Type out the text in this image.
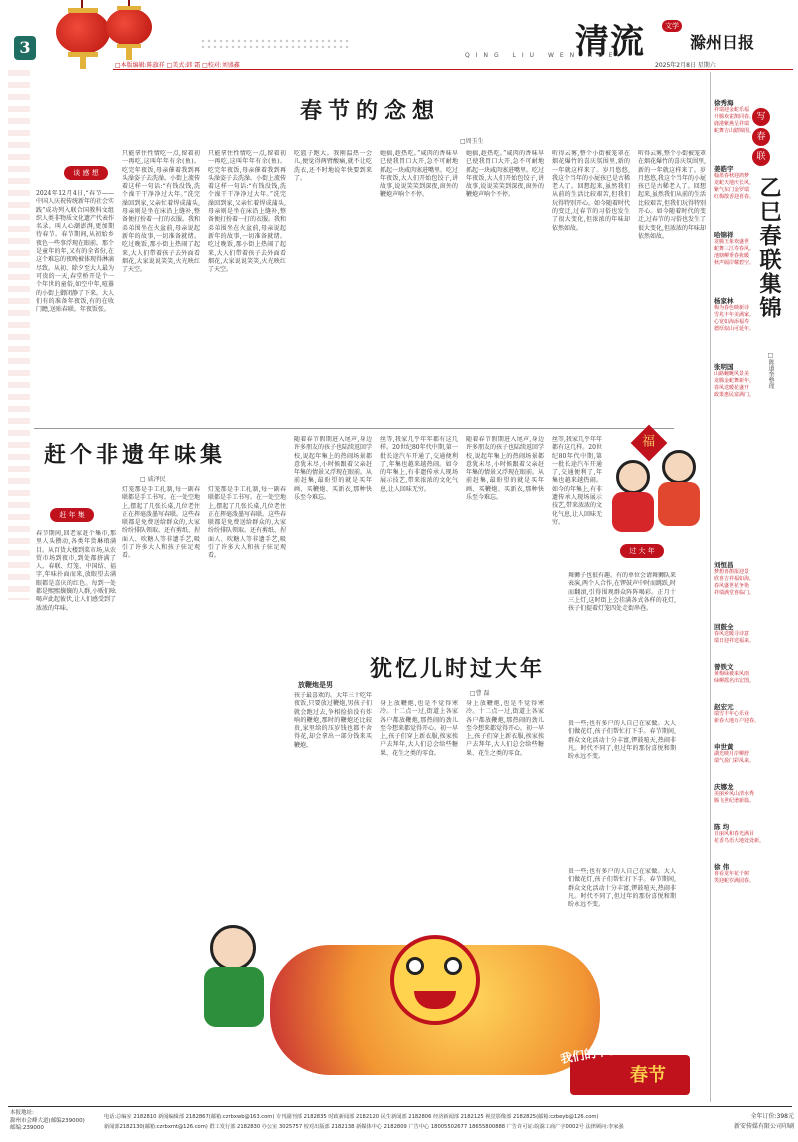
3
□本版编辑:陈旗祥 □美式:韩 霜 □校对:刘盛鑫
清流	文学
QING LIU WEN XUE
滁州日报
2025年2月8日 星期六
春节的念想
□周玉生
谈 感 想
2024年12月4日,“春节——中国人庆祝传统新年的社会实践”成功列入联合国教科文组织人类非物质文化遗产代表作名录。叫人心潮澎湃,更加期待春节。春节期间,从初始乡夜色一些事浮现在眼前。那个是童年的年,又有的全省份,在这个难忘的夜晚被体现得淋漓尽致。从初、除夕至大人最为可贵的一天,春堂桥开是个一个年世的童俗,如空中年,喧嚣的小街上御闭静了下来。大人们有的准备年夜饭,有的在收门瞻,送贴春联。年夜饭张。
只能拿住性情吃一点,留着初一再吃,这叫年年有余(鱼)。吃完年夜饭,母亲催着我到再头澡姿子去洗澡。小街上流传着这样一句话:“有钱没钱,洗个澡干干净净过大年。”洗完澡回到家,父亲忙着焊成蒲头,母亲则是坐在床沿上缝补,整备便打扮着一打的衣服。我和弟弟围坐在火盆前,母亲说起新年的故事,一切准备就绪。吃过晚饭,那小街上热闹了起来,大人们带着孩子去外面看烟花,大家说说笑笑,火光映红了天空。
只能拿住性情吃一点,留着初一再吃,这叫年年有余(鱼)。吃完年夜饭,母亲催着我到再头澡姿子去洗澡。小街上流传着这样一句话:“有钱没钱,洗个澡干干净净过大年。”洗完澡回到家,父亲忙着焊成蒲头,母亲则是坐在床沿上缝补,整备便打扮着一打的衣服。我和弟弟围坐在火盆前,母亲说起新年的故事,一切准备就绪。吃过晚饭,那小街上热闹了起来,大人们带着孩子去外面看烟花,大家说说笑笑,火光映红了天空。
吃篮子跑大。我刚温热一会儿,便觉得两臂酸痛,就不让吃洗衣,还不时地说年快要到来了。
她搞,趁热吃。”咸肉的香味早已使我胃口大开,急不可耐地抓起一块咸肉塞进嘴里。吃过年夜饭,大人们开始包饺子,讲故事,说说笑笑到深夜,窗外的鞭炮声响个不停。
她搞,趁热吃。”咸肉的香味早已使我胃口大开,急不可耐地抓起一块咸肉塞进嘴里。吃过年夜饭,大人们开始包饺子,讲故事,说说笑笑到深夜,窗外的鞭炮声响个不停。
听得云雾,整个小街被笼罩在烟花爆竹的喜庆氛围里,新的一年就这样来了。岁月悠悠,我这个当年的小屁孩已是古稀老人了。回想起来,虽然我们从前的生活比较艰苦,但我们玩得特别开心。如今随着时代的变迁,过春节的习俗也发生了很大变化,但浓浓的年味却依然如故。
听得云雾,整个小街被笼罩在烟花爆竹的喜庆氛围里,新的一年就这样来了。岁月悠悠,我这个当年的小屁孩已是古稀老人了。回想起来,虽然我们从前的生活比较艰苦,但我们玩得特别开心。如今随着时代的变迁,过春节的习俗也发生了很大变化,但浓浓的年味却依然如故。
赶个非遗年味集
□ 戚泽民
赶 年 集
春节期间,回老家赶个集市,那里人头攒动,各类年货琳琅满目。从百货大楼到菜市场,从农贸市场到夜市,到处都挤满了人。春联、灯笼、中国结、福字,年味扑面而来,放眼望去满眼都是喜庆的红色。每到一处都是熙熙攘攘的人群,小贩们吆喝声此起彼伏,让人们感受到了浓浓的年味。
灯笼那是手工扎制,每一副春联都是手工书写。在一处空地上,摆起了几张长桌,几位老住正在挥毫泼墨写春联。这些春联都是免费送给群众的,大家纷纷排队领取。还有剪纸、捏面人、吹糖人等非遗手艺,吸引了许多大人和孩子驻足观看。
灯笼那是手工扎制,每一副春联都是手工书写。在一处空地上,摆起了几张长桌,几位老住正在挥毫泼墨写春联。这些春联都是免费送给群众的,大家纷纷排队领取。还有剪纸、捏面人、吹糖人等非遗手艺,吸引了许多大人和孩子驻足观看。
随着春节假期进入尾声,身边许多朋友的孩子也陆续返回学校,说起年集上的热闹场景都意犹未尽,小时候跟着父亲赶年集的情景又浮现在眼前。从前赶集,最盼望的就是买年画、买鞭炮、买新衣,那种快乐至今难忘。
丝等,我家几乎年年都有这几样。20世纪80年代中期,第一批长途汽车开通了,交通便利了,年集也越来越热闹。如今的年集上,有非遗传承人现场展示技艺,带来浓浓的文化气息,让人回味无穷。
随着春节假期进入尾声,身边许多朋友的孩子也陆续返回学校,说起年集上的热闹场景都意犹未尽,小时候跟着父亲赶年集的情景又浮现在眼前。从前赶集,最盼望的就是买年画、买鞭炮、买新衣,那种快乐至今难忘。
丝等,我家几乎年年都有这几样。20世纪80年代中期,第一批长途汽车开通了,交通便利了,年集也越来越热闹。如今的年集上,有非遗传承人现场展示技艺,带来浓浓的文化气息,让人回味无穷。
犹忆儿时过大年
□曹 磊
过 大 年
放鞭炮是男
孩子最喜欢的。大年三十吃年夜饭,只要放过鞭炮,男孩子们就会跑过去,争相捡拾没有炸响的鞭炮,那时的鞭炮还比较贵,家里给的压岁钱也都不舍得花,却会拿出一部分钱来买鞭炮。
身上放鞭炮,也是不觉得寒冷。十二点一过,街道上各家各户都放鞭炮,那热闹的劲儿至今想来都觉得开心。初一早上,孩子们穿上新衣服,挨家挨户去拜年,大人们总会给些糖果、花生之类的零食。
身上放鞭炮,也是不觉得寒冷。十二点一过,街道上各家各户都放鞭炮,那热闹的劲儿至今想来都觉得开心。初一早上,孩子们穿上新衣服,挨家挨户去拜年,大人们总会给些糖果、花生之类的零食。
舞狮子也很有趣。有的单位会请舞狮队来表演,两个人合作,在锣鼓声中时而跳跃,时而翻滚,引得围观群众阵阵喝彩。正月十三上灯,这时街上会挂满各式各样的花灯,孩子们提着灯笼四处走街串巷。
贵一些;也有多户的人自己在家做。大人们做花灯,孩子们帮忙打下手。春节期间,群众文化活动十分丰富,锣鼓喧天,热闹非凡。时代不同了,但过年的那份喜悦和期盼永远不变。
贵一些;也有多户的人自己在家做。大人们做花灯,孩子们帮忙打下手。春节期间,群众文化活动十分丰富,锣鼓喧天,热闹非凡。时代不同了,但过年的那份喜悦和期盼永远不变。
福
我们的节日
春节
写
春
联
乙巳春联集锦
□陈道奎整理
徐秀海
祥瑞迎金蛇乐福
升腾欢雀鹊同春。
鹿港紫燕呈祥瑞
蛇舞吉山踏锦围。
姜皓宇
翰墨春秋迎鸿梦
龙蛇天地庆长风。
紫气东门金罗瑞
红梅散香迎喜春。
哈锦祥
龙腾玉象欢盛世
蛇舞三江寿春风。
池塘柳垂春犹暖
秋声隔岸耀碧空。
杨家林
梅为春色映新诗
雪兆丰年美满家。
心宽如海添福寿
德厚似山可延年。
张明国
山路蜿蜒风景美
龙腾金蛇舞新年。
春风送暖花盛开
政策惠民富满门。
刘恒昌
梦想喜鹊报迎景
欣喜吉祥福如海。
春风盛世花争艳
祥瑞满堂喜临门。
回鼓全
春风送暖寻诗意
瑞日迎祥送福来。
曾铁文
黄梅绿被来风雨
绿柳摇名出宏图。
赵宏元
瑞雪丰年心乐业
新春大地万户迎春。
申世黄
湖光映月岸柳舒
瑞气盈门彩凤来。
庆娜龙
美丽乡风山清水秀
腾飞世纪谱新篇。
陈 均
日丽风和春光满目
花香鸟语大地处处新。
徐 伟
喜看龙年花千树
笑迎蛇岁满园春。
本报地址:
滁州市会峰大道(邮编239000)
邮编:239000
电话:总编室 2182810 新闻编辑部 2182867(邮箱:czrbxwb@163.com) 专刊副刊部 2182835 时政新闻部 2182120 民生新闻部 2182806 经济新闻部 2182125 视觉影像部 2182825(邮箱:czbeyb@126.com)
新闻部2182130(邮箱:czrbxmt@126.com) 群工发行部 2182830 办公室 3025757 校对出版部 2182138 新媒体中心 2182809 广告中心 18005502677 18655800888 广告许可证:皖滁工商广字0002号 法律顾问:李家强
全年订价:398元
新安传媒有限公司印刷
